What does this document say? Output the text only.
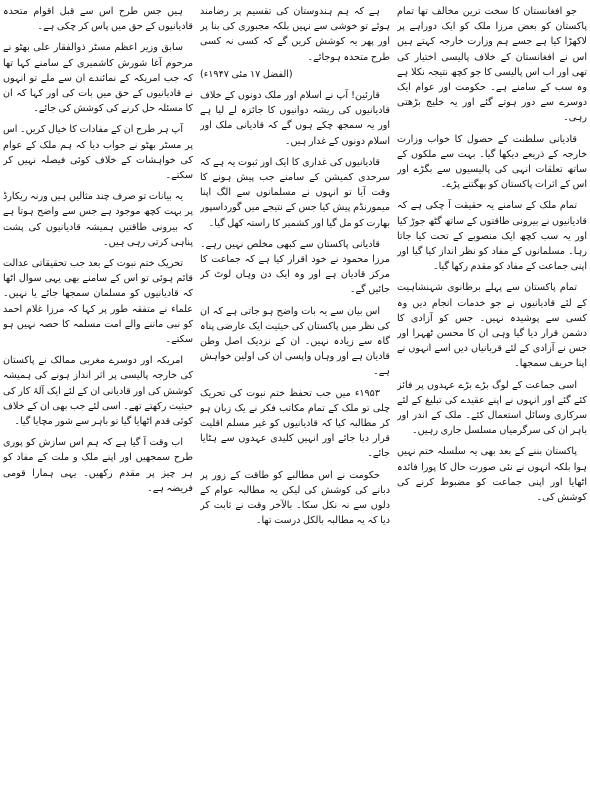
جو افغانستان کا سخت ترین مخالف تھا تمام پاکستان کو بعض مرزا ملک کو ایک دوراہے پر لاکھڑا کیا ہے جسے ہم وزارت خارجہ کہتے ہیں اس نے افغانستان کے خلاف پالیسی اختیار کی تھی اور اب اس پالیسی کا جو کچھ نتیجہ نکلا ہے وہ سب کے سامنے ہے۔ حکومت اور عوام ایک دوسرے سے دور ہوتے گئے اور یہ خلیج بڑھتی رہی۔

قادیانی سلطنت کے حصول کا خواب وزارت خارجہ کے ذریعے دیکھا گیا۔ بہت سے ملکوں کے ساتھ تعلقات انہی کی پالیسیوں سے بگڑے اور اس کے اثرات پاکستان کو بھگتنے پڑے۔

تمام ملک کے سامنے یہ حقیقت آ چکی ہے کہ قادیانیوں نے بیرونی طاقتوں کے ساتھ گٹھ جوڑ کیا اور یہ سب کچھ ایک منصوبے کے تحت کیا جاتا رہا۔ مسلمانوں کے مفاد کو نظر انداز کیا گیا اور اپنی جماعت کے مفاد کو مقدم رکھا گیا۔

تمام پاکستان سے پہلے برطانوی شہنشاہیت کے لئے قادیانیوں نے جو خدمات انجام دیں وہ کسی سے پوشیدہ نہیں۔ جس کو آزادی کا دشمن قرار دیا گیا وہی ان کا محسن ٹھہرا اور جس نے آزادی کے لئے قربانیاں دیں اسے انہوں نے اپنا حریف سمجھا۔

اسی جماعت کے لوگ بڑے بڑے عہدوں پر فائز کئے گئے اور انہوں نے اپنے عقیدے کی تبلیغ کے لئے سرکاری وسائل استعمال کئے۔ ملک کے اندر اور باہر ان کی سرگرمیاں مسلسل جاری رہیں۔

پاکستان بننے کے بعد بھی یہ سلسلہ ختم نہیں ہوا بلکہ انہوں نے نئی صورت حال کا پورا فائدہ اٹھایا اور اپنی جماعت کو مضبوط کرنے کی کوشش کی۔

ہے کہ ہم ہندوستان کی تقسیم پر رضامند ہوئے تو خوشی سے نہیں بلکہ مجبوری کی بنا پر اور پھر یہ کوشش کریں گے کہ کسی نہ کسی طرح متحدہ ہوجائے۔

(الفضل ۱۷ مئی ۱۹۴۷ء)

قارئین! آپ نے اسلام اور ملک دونوں کے خلاف قادیانیوں کی ریشہ دوانیوں کا جائزہ لے لیا ہے اور یہ سمجھ چکے ہوں گے کہ قادیانی ملک اور اسلام دونوں کے غدار ہیں۔

قادیانیوں کی غداری کا ایک اور ثبوت یہ ہے کہ سرحدی کمیشن کے سامنے جب پیش ہونے کا وقت آیا تو انہوں نے مسلمانوں سے الگ اپنا میمورنڈم پیش کیا جس کے نتیجے میں گورداسپور بھارت کو مل گیا اور کشمیر کا راستہ کھل گیا۔

قادیانی پاکستان سے کبھی مخلص نہیں رہے۔ مرزا محمود نے خود اقرار کیا ہے کہ جماعت کا مرکز قادیان ہے اور وہ ایک دن وہاں لوٹ کر جائیں گے۔

اس بیان سے یہ بات واضح ہو جاتی ہے کہ ان کی نظر میں پاکستان کی حیثیت ایک عارضی پناہ گاہ سے زیادہ نہیں۔ ان کے نزدیک اصل وطن قادیان ہے اور وہاں واپسی ان کی اولین خواہش ہے۔

۱۹۵۳ء میں جب تحفظ ختم نبوت کی تحریک چلی تو ملک کے تمام مکاتب فکر نے یک زبان ہو کر مطالبہ کیا کہ قادیانیوں کو غیر مسلم اقلیت قرار دیا جائے اور انہیں کلیدی عہدوں سے ہٹایا جائے۔

حکومت نے اس مطالبے کو طاقت کے زور پر دبانے کی کوشش کی لیکن یہ مطالبہ عوام کے دلوں سے نہ نکل سکا۔ بالآخر وقت نے ثابت کر دیا کہ یہ مطالبہ بالکل درست تھا۔

ہیں جس طرح اس سے قبل اقوام متحدہ قادیانیوں کے حق میں پاس کر چکی ہے۔

سابق وزیر اعظم مسٹر ذوالفقار علی بھٹو نے مرحوم آغا شورش کاشمیری کے سامنے کہا تھا کہ جب امریکہ کے نمائندے ان سے ملے تو انہوں نے قادیانیوں کے حق میں بات کی اور کہا کہ ان کا مسئلہ حل کرنے کی کوشش کی جائے۔

آپ ہر طرح ان کے مفادات کا خیال کریں۔ اس پر مسٹر بھٹو نے جواب دیا کہ ہم ملک کے عوام کی خواہشات کے خلاف کوئی فیصلہ نہیں کر سکتے۔

یہ بیانات تو صرف چند مثالیں ہیں ورنہ ریکارڈ پر بہت کچھ موجود ہے جس سے واضح ہوتا ہے کہ بیرونی طاقتیں ہمیشہ قادیانیوں کی پشت پناہی کرتی رہی ہیں۔

تحریک ختم نبوت کے بعد جب تحقیقاتی عدالت قائم ہوئی تو اس کے سامنے بھی یہی سوال اٹھا کہ قادیانیوں کو مسلمان سمجھا جائے یا نہیں۔ علماء نے متفقہ طور پر کہا کہ مرزا غلام احمد کو نبی ماننے والے امت مسلمہ کا حصہ نہیں ہو سکتے۔

امریکہ اور دوسرے مغربی ممالک نے پاکستان کی خارجہ پالیسی پر اثر انداز ہونے کی ہمیشہ کوشش کی اور قادیانی ان کے لئے ایک آلۂ کار کی حیثیت رکھتے تھے۔ اسی لئے جب بھی ان کے خلاف کوئی قدم اٹھایا گیا تو باہر سے شور مچایا گیا۔

اب وقت آ گیا ہے کہ ہم اس سازش کو پوری طرح سمجھیں اور اپنے ملک و ملت کے مفاد کو ہر چیز پر مقدم رکھیں۔ یہی ہمارا قومی فریضہ ہے۔
